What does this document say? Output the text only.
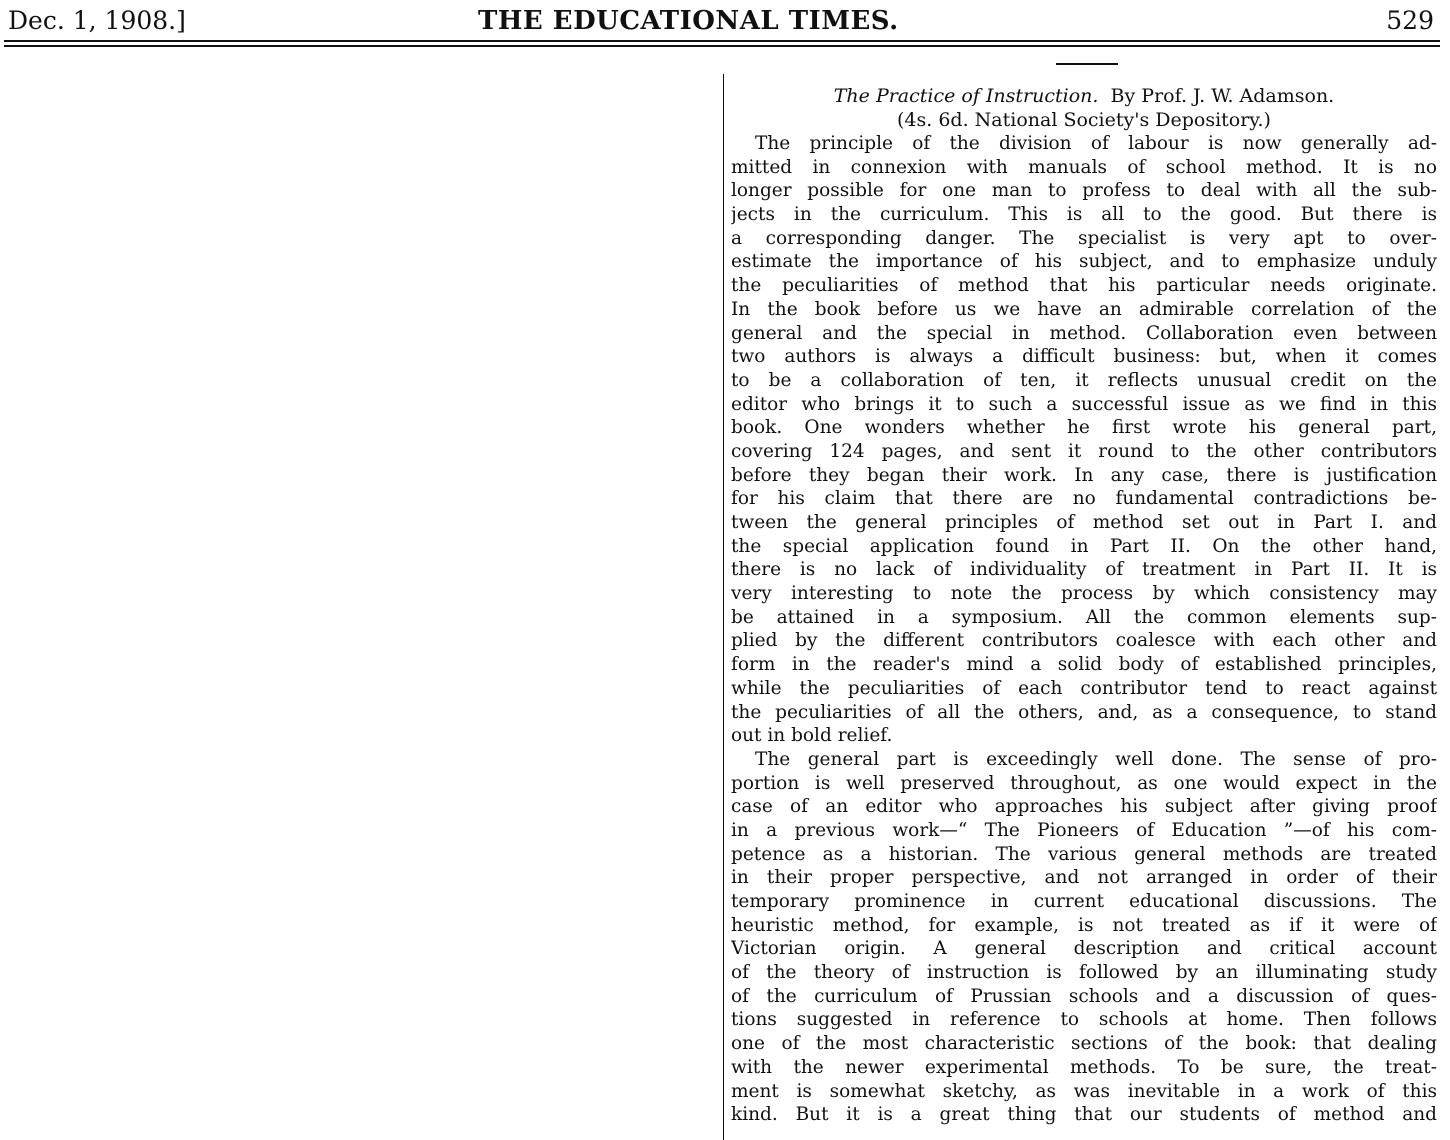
Dec. 1, 1908.]	THE EDUCATIONAL TIMES.	529
The Practice of Instruction. By Prof. J. W. Adamson.
(4s. 6d. National Society's Depository.)
The principle of the division of labour is now generally ad-
mitted in connexion with manuals of school method. It is no
longer possible for one man to profess to deal with all the sub-
jects in the curriculum. This is all to the good. But there is
a corresponding danger. The specialist is very apt to over-
estimate the importance of his subject, and to emphasize unduly
the peculiarities of method that his particular needs originate.
In the book before us we have an admirable correlation of the
general and the special in method. Collaboration even between
two authors is always a difficult business: but, when it comes
to be a collaboration of ten, it reflects unusual credit on the
editor who brings it to such a successful issue as we find in this
book. One wonders whether he first wrote his general part,
covering 124 pages, and sent it round to the other contributors
before they began their work. In any case, there is justification
for his claim that there are no fundamental contradictions be-
tween the general principles of method set out in Part I. and
the special application found in Part II. On the other hand,
there is no lack of individuality of treatment in Part II. It is
very interesting to note the process by which consistency may
be attained in a symposium. All the common elements sup-
plied by the different contributors coalesce with each other and
form in the reader's mind a solid body of established principles,
while the peculiarities of each contributor tend to react against
the peculiarities of all the others, and, as a consequence, to stand
out in bold relief.
The general part is exceedingly well done. The sense of pro-
portion is well preserved throughout, as one would expect in the
case of an editor who approaches his subject after giving proof
in a previous work—“ The Pioneers of Education ”—of his com-
petence as a historian. The various general methods are treated
in their proper perspective, and not arranged in order of their
temporary prominence in current educational discussions. The
heuristic method, for example, is not treated as if it were of
Victorian origin. A general description and critical account
of the theory of instruction is followed by an illuminating study
of the curriculum of Prussian schools and a discussion of ques-
tions suggested in reference to schools at home. Then follows
one of the most characteristic sections of the book: that dealing
with the newer experimental methods. To be sure, the treat-
ment is somewhat sketchy, as was inevitable in a work of this
kind. But it is a great thing that our students of method and
